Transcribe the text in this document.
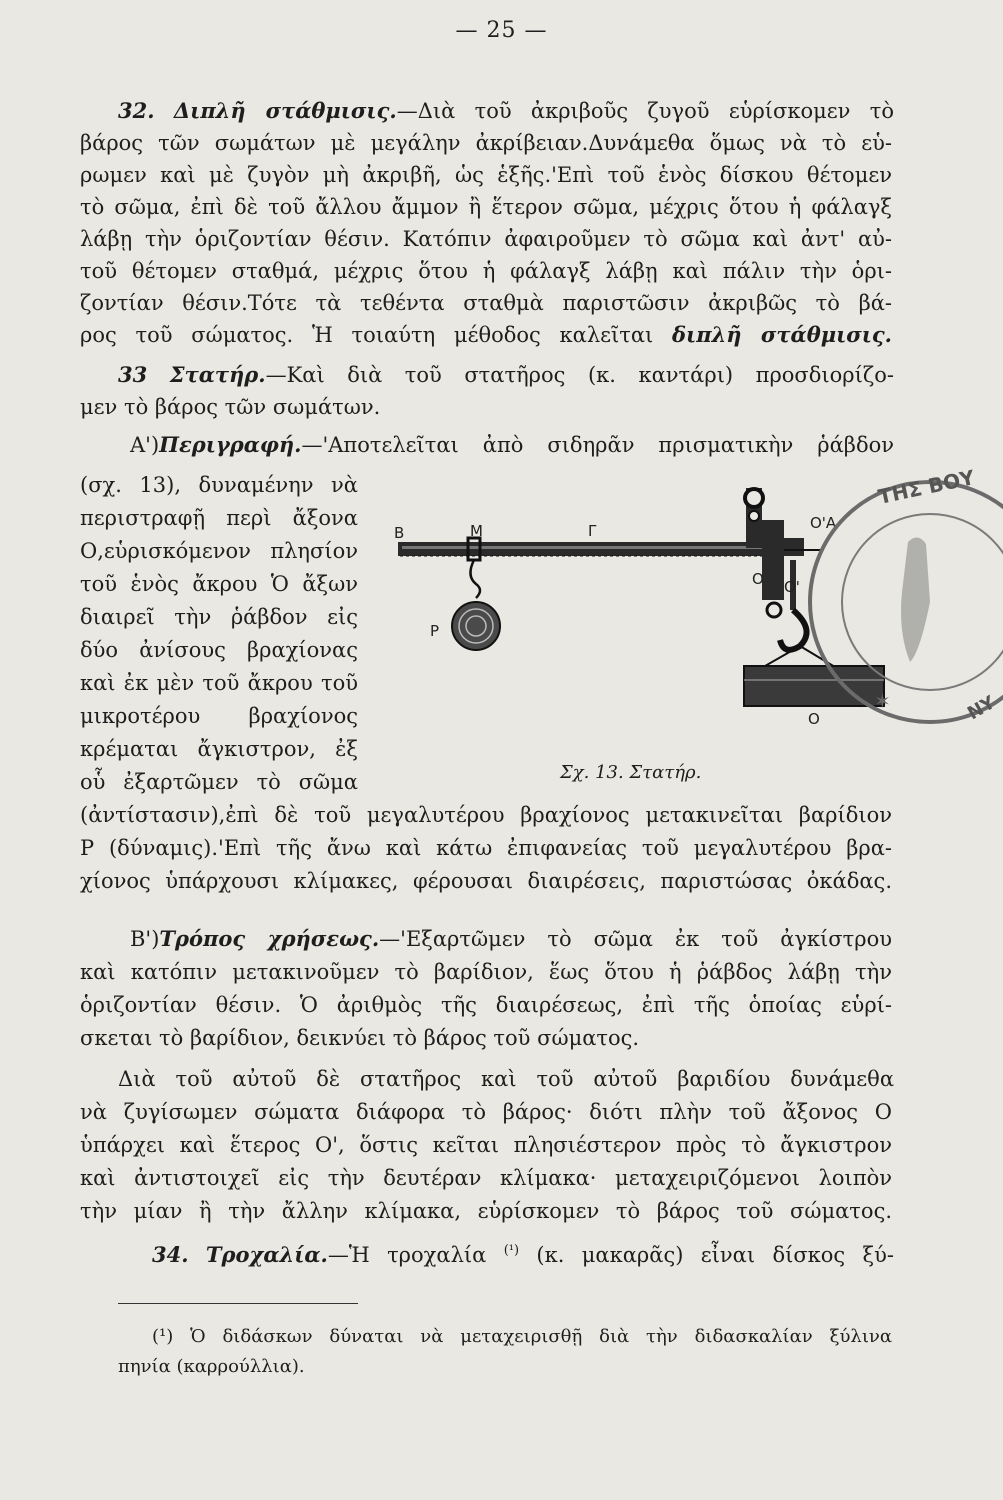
— 25 —
32. Διπλῆ στάθμισις.—Διὰ τοῦ ἀκριβοῦς ζυγοῦ εὑρίσκομεν τὸ
βάρος τῶν σωμάτων μὲ μεγάλην ἀκρίβειαν.Δυνάμεθα ὅμως νὰ τὸ εὑ-
ρωμεν καὶ μὲ ζυγὸν μὴ ἀκριβῆ, ὡς ἑξῆς.'Επὶ τοῦ ἑνὸς δίσκου θέτομεν
τὸ σῶμα, ἐπὶ δὲ τοῦ ἄλλου ἄμμον ἢ ἕτερον σῶμα, μέχρις ὅτου ἡ φάλαγξ
λάβῃ τὴν ὁριζοντίαν θέσιν. Κατόπιν ἀφαιροῦμεν τὸ σῶμα καὶ ἀντ' αὐ-
τοῦ θέτομεν σταθμά, μέχρις ὅτου ἡ φάλαγξ λάβῃ καὶ πάλιν τὴν ὁρι-
ζοντίαν θέσιν.Τότε τὰ τεθέντα σταθμὰ παριστῶσιν ἀκριβῶς τὸ βά-
ρος τοῦ σώματος. Ἡ τοιαύτη μέθοδος καλεῖται διπλῆ στάθμισις.
33 Στατήρ.—Καὶ διὰ τοῦ στατῆρος (κ. καντάρι) προσδιορίζο-
μεν τὸ βάρος τῶν σωμάτων.
Α')Περιγραφή.—'Αποτελεῖται ἀπὸ σιδηρᾶν πρισματικὴν ῥάβδον
(σχ. 13), δυναμένην νὰ
περιστραφῇ περὶ ἄξονα
Ο,εὑρισκόμενον πλησίον
τοῦ ἑνὸς ἄκρου Ὁ ἄξων
διαιρεῖ τὴν ῥάβδον εἰς
δύο ἀνίσους βραχίονας
καὶ ἐκ μὲν τοῦ ἄκρου τοῦ
μικροτέρου βραχίονος
κρέμαται ἄγκιστρον, ἐξ
οὗ ἐξαρτῶμεν τὸ σῶμα
(ἀντίστασιν),ἐπὶ δὲ τοῦ μεγαλυτέρου βραχίονος μετακινεῖται βαρίδιον
Ρ (δύναμις).'Επὶ τῆς ἄνω καὶ κάτω ἐπιφανείας τοῦ μεγαλυτέρου βρα-
χίονος ὑπάρχουσι κλίμακες, φέρουσαι διαιρέσεις, παριστώσας ὀκάδας.
B	M	Γ	O'A
O O'
P
O
Σχ. 13. Στατήρ.
ΤΗΣ ΒΟΥ
ΝΥ
✶
Β')Τρόπος χρήσεως.—'Εξαρτῶμεν τὸ σῶμα ἐκ τοῦ ἀγκίστρου
καὶ κατόπιν μετακινοῦμεν τὸ βαρίδιον, ἕως ὅτου ἡ ῥάβδος λάβῃ τὴν
ὁριζοντίαν θέσιν. Ὁ ἀριθμὸς τῆς διαιρέσεως, ἐπὶ τῆς ὁποίας εὑρί-
σκεται τὸ βαρίδιον, δεικνύει τὸ βάρος τοῦ σώματος.
Διὰ τοῦ αὐτοῦ δὲ στατῆρος καὶ τοῦ αὐτοῦ βαριδίου δυνάμεθα
νὰ ζυγίσωμεν σώματα διάφορα τὸ βάρος· διότι πλὴν τοῦ ἄξονος Ο
ὑπάρχει καὶ ἕτερος Ο', ὅστις κεῖται πλησιέστερον πρὸς τὸ ἄγκιστρον
καὶ ἀντιστοιχεῖ εἰς τὴν δευτέραν κλίμακα· μεταχειριζόμενοι λοιπὸν
τὴν μίαν ἢ τὴν ἄλλην κλίμακα, εὑρίσκομεν τὸ βάρος τοῦ σώματος.
34. Τροχαλία.—Ἡ τροχαλία $^{(^1)}$ (κ. μακαρᾶς) εἶναι δίσκος ξύ-
(¹) Ὁ διδάσκων δύναται νὰ μεταχειρισθῇ διὰ τὴν διδασκαλίαν ξύλινα
πηνία (καρρούλλια).
